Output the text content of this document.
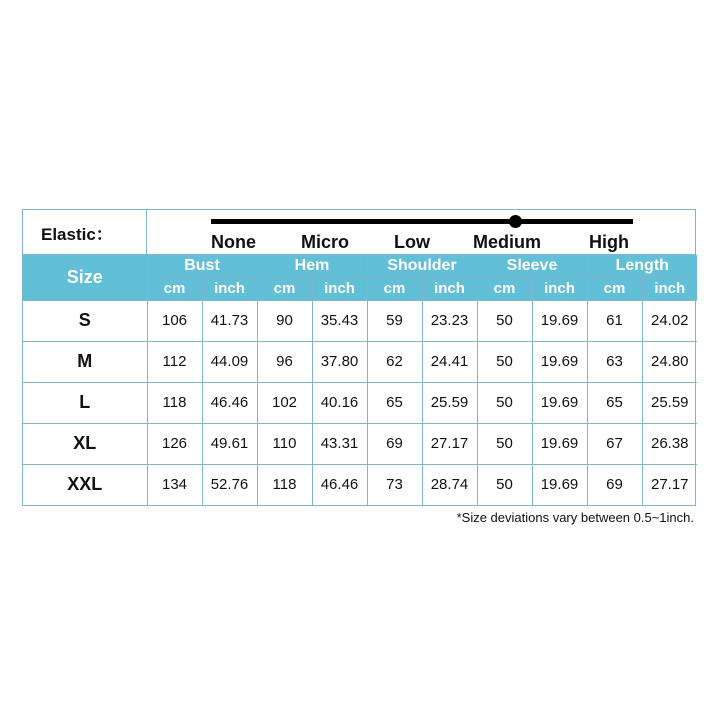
Elastic：	None	Micro Low Medium	High
Size	Bust		Hem		Shoulder		Sleeve		Length	
	cm	inch	cm	inch	cm	inch	cm	inch	cm	inch
S	106	41.73	90	35.43	59	23.23	50	19.69	61	24.02
M	112	44.09	96	37.80	62	24.41	50	19.69	63	24.80
L	118	46.46	102	40.16	65	25.59	50	19.69	65	25.59
XL	126	49.61	110	43.31	69	27.17	50	19.69	67	26.38
XXL	134	52.76	118	46.46	73	28.74	50	19.69	69	27.17
*Size deviations vary between 0.5~1inch.
